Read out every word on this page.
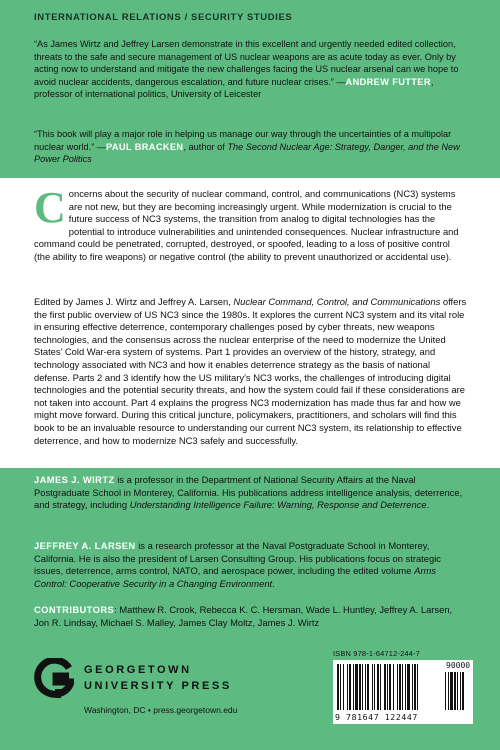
INTERNATIONAL RELATIONS / SECURITY STUDIES
“As James Wirtz and Jeffrey Larsen demonstrate in this excellent and urgently needed edited collection, threats to the safe and secure management of US nuclear weapons are as acute today as ever. Only by acting now to understand and mitigate the new challenges facing the US nuclear arsenal can we hope to avoid nuclear accidents, dangerous escalation, and future nuclear crises.” —ANDREW FUTTER, professor of international politics, University of Leicester
“This book will play a major role in helping us manage our way through the uncertainties of a multipolar nuclear world.” —PAUL BRACKEN, author of The Second Nuclear Age: Strategy, Danger, and the New Power Politics
Concerns about the security of nuclear command, control, and communications (NC3) systems are not new, but they are becoming increasingly urgent. While modernization is crucial to the future success of NC3 systems, the transition from analog to digital technologies has the potential to introduce vulnerabilities and unintended consequences. Nuclear infrastructure and command could be penetrated, corrupted, destroyed, or spoofed, leading to a loss of positive control (the ability to fire weapons) or negative control (the ability to prevent unauthorized or accidental use).
Edited by James J. Wirtz and Jeffrey A. Larsen, Nuclear Command, Control, and Communications offers the first public overview of US NC3 since the 1980s. It explores the current NC3 system and its vital role in ensuring effective deterrence, contemporary challenges posed by cyber threats, new weapons technologies, and the consensus across the nuclear enterprise of the need to modernize the United States’ Cold War-era system of systems. Part 1 provides an overview of the history, strategy, and technology associated with NC3 and how it enables deterrence strategy as the basis of national defense. Parts 2 and 3 identify how the US military’s NC3 works, the challenges of introducing digital technologies and the potential security threats, and how the system could fail if these considerations are not taken into account. Part 4 explains the progress NC3 modernization has made thus far and how we might move forward. During this critical juncture, policymakers, practitioners, and scholars will find this book to be an invaluable resource to understanding our current NC3 system, its relationship to effective deterrence, and how to modernize NC3 safely and successfully.
JAMES J. WIRTZ is a professor in the Department of National Security Affairs at the Naval Postgraduate School in Monterey, California. His publications address intelligence analysis, deterrence, and strategy, including Understanding Intelligence Failure: Warning, Response and Deterrence.
JEFFREY A. LARSEN is a research professor at the Naval Postgraduate School in Monterey, California. He is also the president of Larsen Consulting Group. His publications focus on strategic issues, deterrence, arms control, NATO, and aerospace power, including the edited volume Arms Control: Cooperative Security in a Changing Environment.
CONTRIBUTORS: Matthew R. Crook, Rebecca K. C. Hersman, Wade L. Huntley, Jeffrey A. Larsen, Jon R. Lindsay, Michael S. Malley, James Clay Moltz, James J. Wirtz
GEORGETOWN
UNIVERSITY PRESS
Washington, DC • press.georgetown.edu
ISBN 978-1-64712-244-7
90000
9 781647 122447
